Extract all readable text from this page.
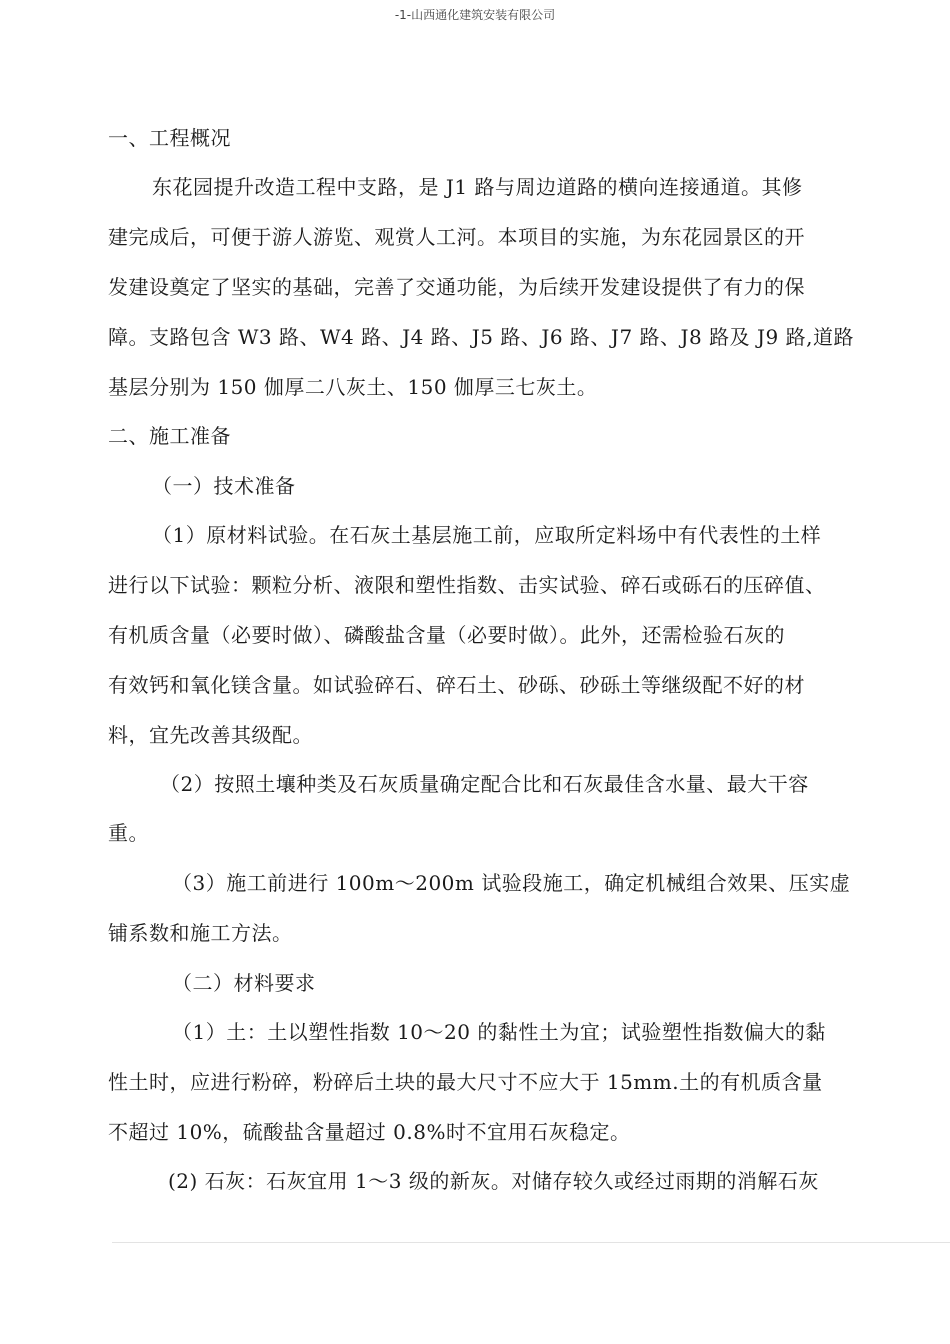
-1-山西通化建筑安装有限公司
一、工程概况
东花园提升改造工程中支路，是 J1 路与周边道路的横向连接通道。其修
建完成后，可便于游人游览、观赏人工河。本项目的实施，为东花园景区的开
发建设奠定了坚实的基础，完善了交通功能，为后续开发建设提供了有力的保
障。支路包含 W3 路、W4 路、J4 路、J5 路、J6 路、J7 路、J8 路及 J9 路,道路
基层分别为 150 伽厚二八灰土、150 伽厚三七灰土。
二、施工准备
（一）技术准备
（1）原材料试验。在石灰土基层施工前，应取所定料场中有代表性的土样
进行以下试验：颗粒分析、液限和塑性指数、击实试验、碎石或砾石的压碎值、
有机质含量（必要时做）、磷酸盐含量（必要时做）。此外，还需检验石灰的
有效钙和氧化镁含量。如试验碎石、碎石土、砂砾、砂砾土等继级配不好的材
料，宜先改善其级配。
（2）按照土壤种类及石灰质量确定配合比和石灰最佳含水量、最大干容
重。
（3）施工前进行 100m〜200m 试验段施工，确定机械组合效果、压实虚
铺系数和施工方法。
（二）材料要求
（1）土：土以塑性指数 10〜20 的黏性土为宜；试验塑性指数偏大的黏
性土时，应进行粉碎，粉碎后土块的最大尺寸不应大于 15mm.土的有机质含量
不超过 10%，硫酸盐含量超过 0.8%时不宜用石灰稳定。
(2) 石灰：石灰宜用 1〜3 级的新灰。对储存较久或经过雨期的消解石灰
